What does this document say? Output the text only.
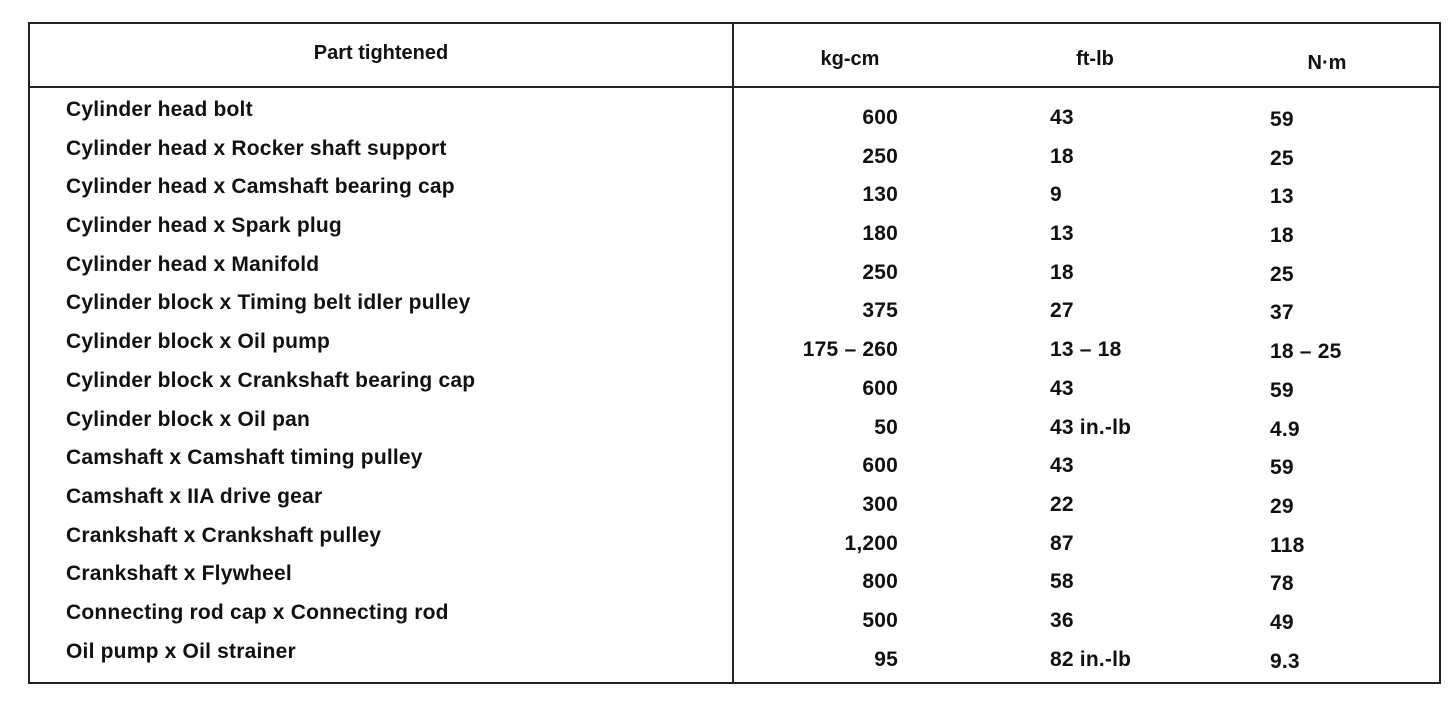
Part tightened	kg-cm	ft-lb	N·m
Cylinder head bolt	600	43	59
Cylinder head x Rocker shaft support	250	18	25
Cylinder head x Camshaft bearing cap	130	9	13
Cylinder head x Spark plug	180	13	18
Cylinder head x Manifold	250	18	25
Cylinder block x Timing belt idler pulley	375	27	37
Cylinder block x Oil pump	175 – 260	13 – 18	18 – 25
Cylinder block x Crankshaft bearing cap	600	43	59
Cylinder block x Oil pan	50	43 in.-lb	4.9
Camshaft x Camshaft timing pulley	600	43	59
Camshaft x IIA drive gear	300	22	29
Crankshaft x Crankshaft pulley	1,200	87	118
Crankshaft x Flywheel	800	58	78
Connecting rod cap x Connecting rod	500	36	49
Oil pump x Oil strainer	95	82 in.-lb	9.3
